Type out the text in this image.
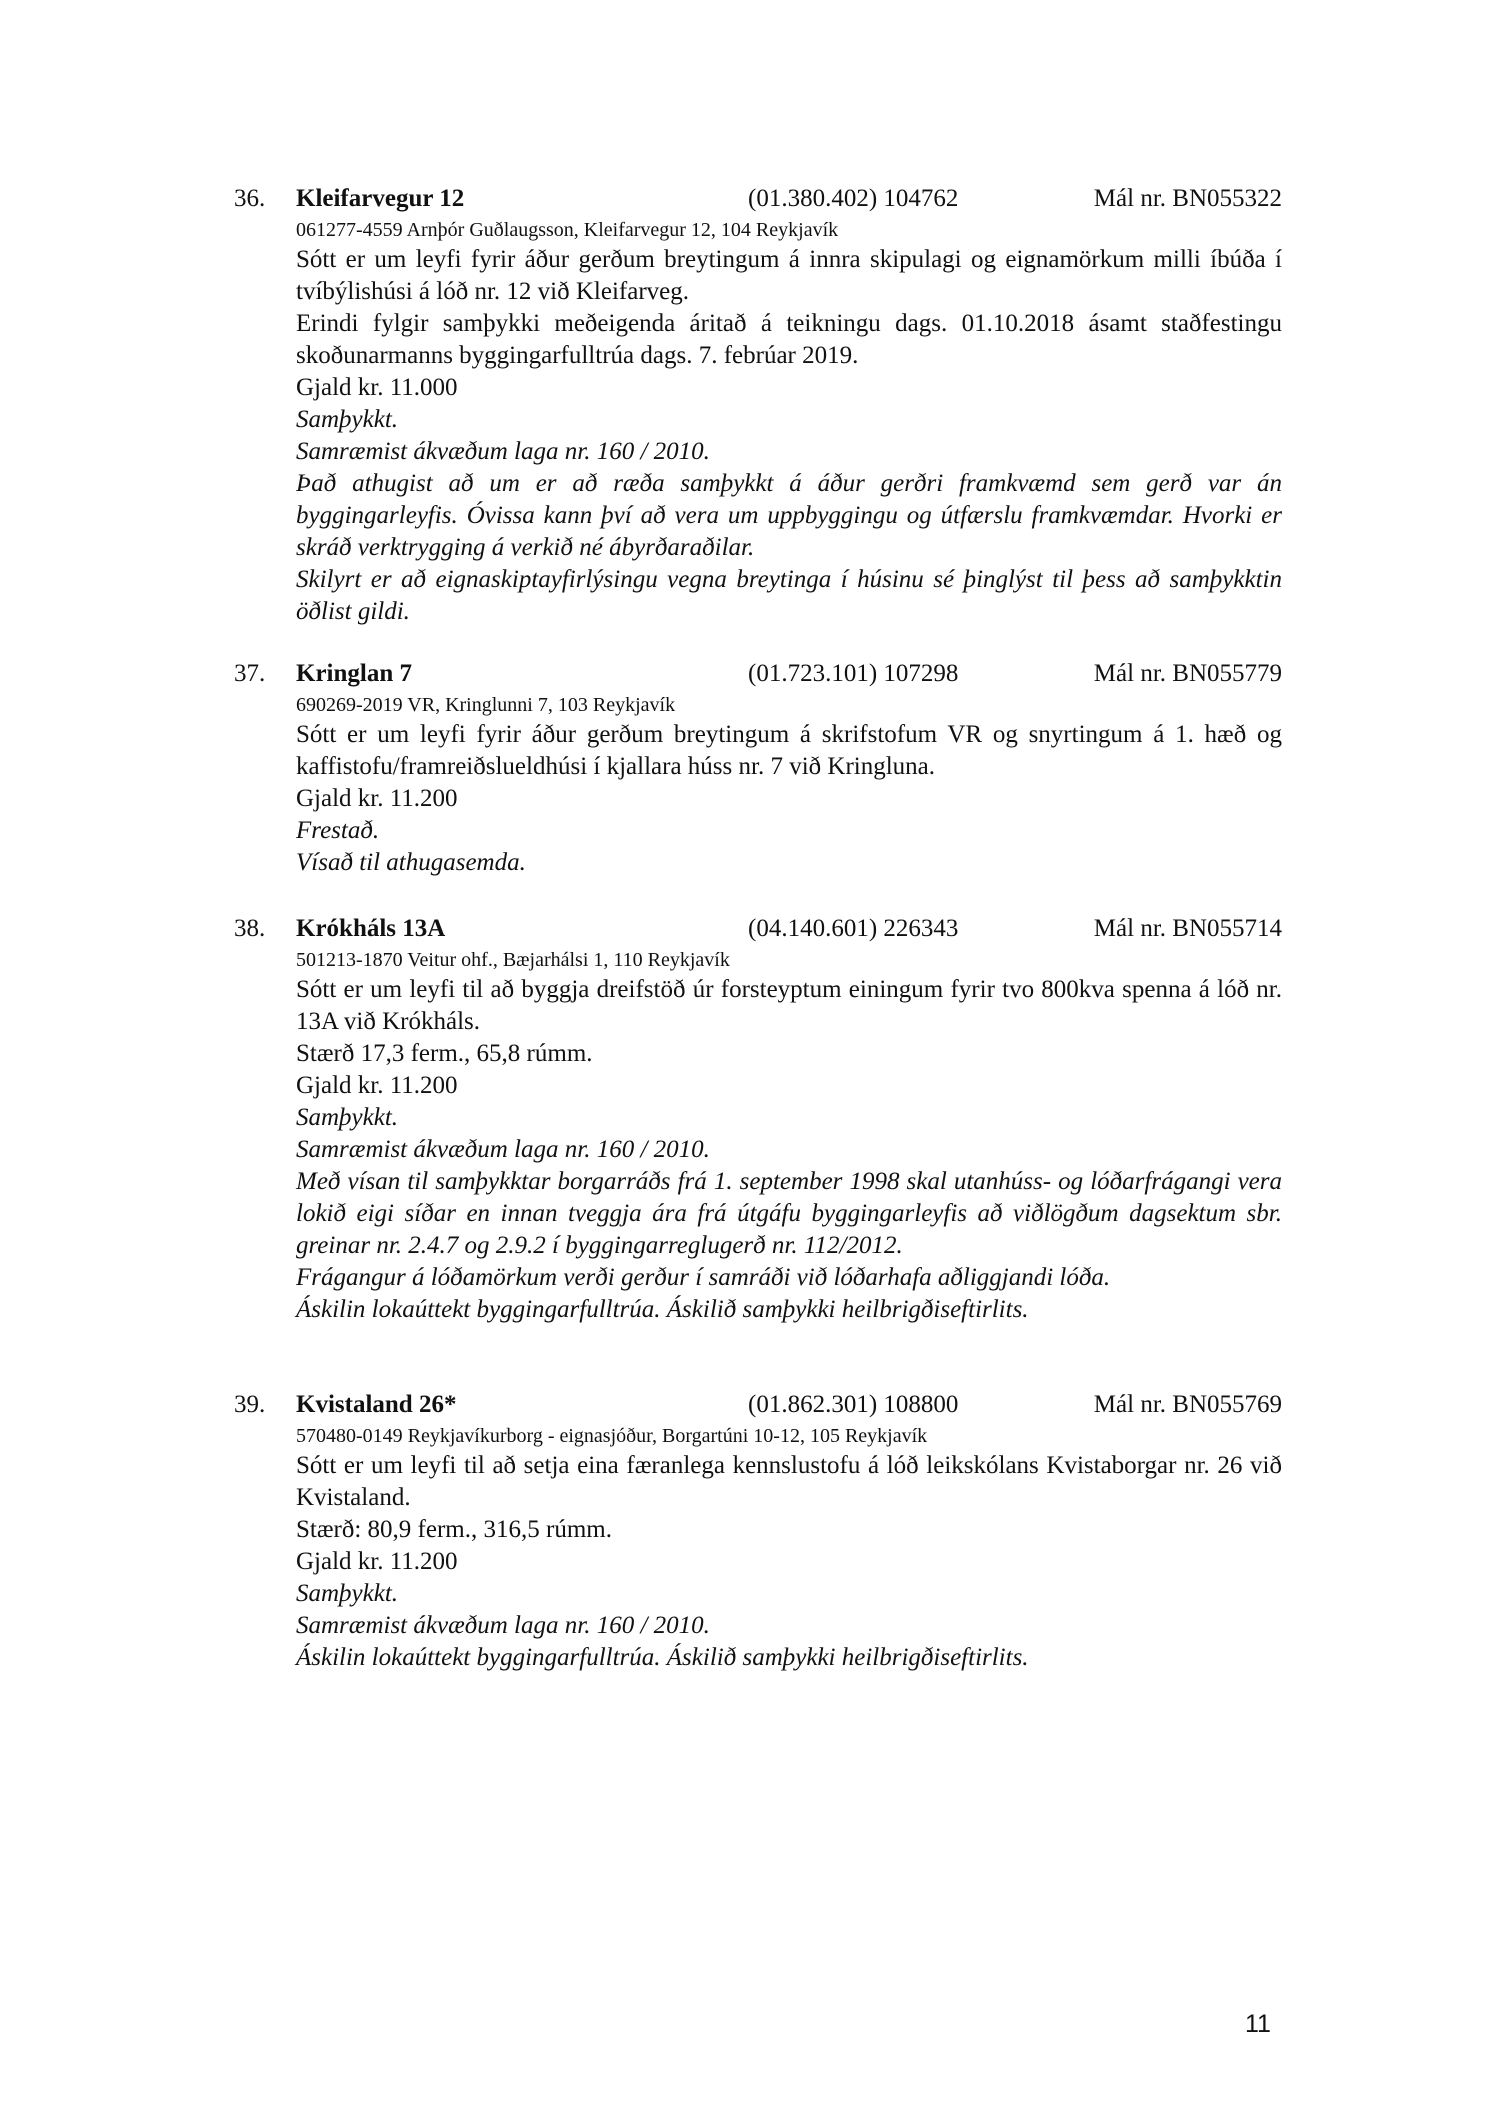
36. Kleifarvegur 12	(01.380.402) 104762	Mál nr. BN055322
061277-4559 Arnþór Guðlaugsson, Kleifarvegur 12, 104 Reykjavík
Sótt er um leyfi fyrir áður gerðum breytingum á innra skipulagi og eignamörkum milli íbúða í tvíbýlishúsi á lóð nr. 12 við Kleifarveg.
Erindi fylgir samþykki meðeigenda áritað á teikningu dags. 01.10.2018 ásamt staðfestingu skoðunarmanns byggingarfulltrúa dags. 7. febrúar 2019.
Gjald kr. 11.000
Samþykkt.
Samræmist ákvæðum laga nr. 160 / 2010.
Það athugist að um er að ræða samþykkt á áður gerðri framkvæmd sem gerð var án byggingarleyfis. Óvissa kann því að vera um uppbyggingu og útfærslu framkvæmdar. Hvorki er skráð verktrygging á verkið né ábyrðaraðilar.
Skilyrt er að eignaskiptayfirlýsingu vegna breytinga í húsinu sé þinglýst til þess að samþykktin öðlist gildi.
37. Kringlan 7	(01.723.101) 107298	Mál nr. BN055779
690269-2019 VR, Kringlunni 7, 103 Reykjavík
Sótt er um leyfi fyrir áður gerðum breytingum á skrifstofum VR og snyrtingum á 1. hæð og kaffistofu/framreiðslueldhúsi í kjallara húss nr. 7 við Kringluna.
Gjald kr. 11.200
Frestað.
Vísað til athugasemda.
38. Krókháls 13A	(04.140.601) 226343	Mál nr. BN055714
501213-1870 Veitur ohf., Bæjarhálsi 1, 110 Reykjavík
Sótt er um leyfi til að byggja dreifstöð úr forsteyptum einingum fyrir tvo 800kva spenna á lóð nr. 13A við Krókháls.
Stærð 17,3 ferm., 65,8 rúmm.
Gjald kr. 11.200
Samþykkt.
Samræmist ákvæðum laga nr. 160 / 2010.
Með vísan til samþykktar borgarráðs frá 1. september 1998 skal utanhúss- og lóðarfrágangi vera lokið eigi síðar en innan tveggja ára frá útgáfu byggingarleyfis að viðlögðum dagsektum sbr. greinar nr. 2.4.7 og 2.9.2 í byggingarreglugerð nr. 112/2012.
Frágangur á lóðamörkum verði gerður í samráði við lóðarhafa aðliggjandi lóða.
Áskilin lokaúttekt byggingarfulltrúa. Áskilið samþykki heilbrigðiseftirlits.
39. Kvistaland 26*	(01.862.301) 108800	Mál nr. BN055769
570480-0149 Reykjavíkurborg - eignasjóður, Borgartúni 10-12, 105 Reykjavík
Sótt er um leyfi til að setja eina færanlega kennslustofu á lóð leikskólans Kvistaborgar nr. 26 við Kvistaland.
Stærð: 80,9 ferm., 316,5 rúmm.
Gjald kr. 11.200
Samþykkt.
Samræmist ákvæðum laga nr. 160 / 2010.
Áskilin lokaúttekt byggingarfulltrúa. Áskilið samþykki heilbrigðiseftirlits.
11
